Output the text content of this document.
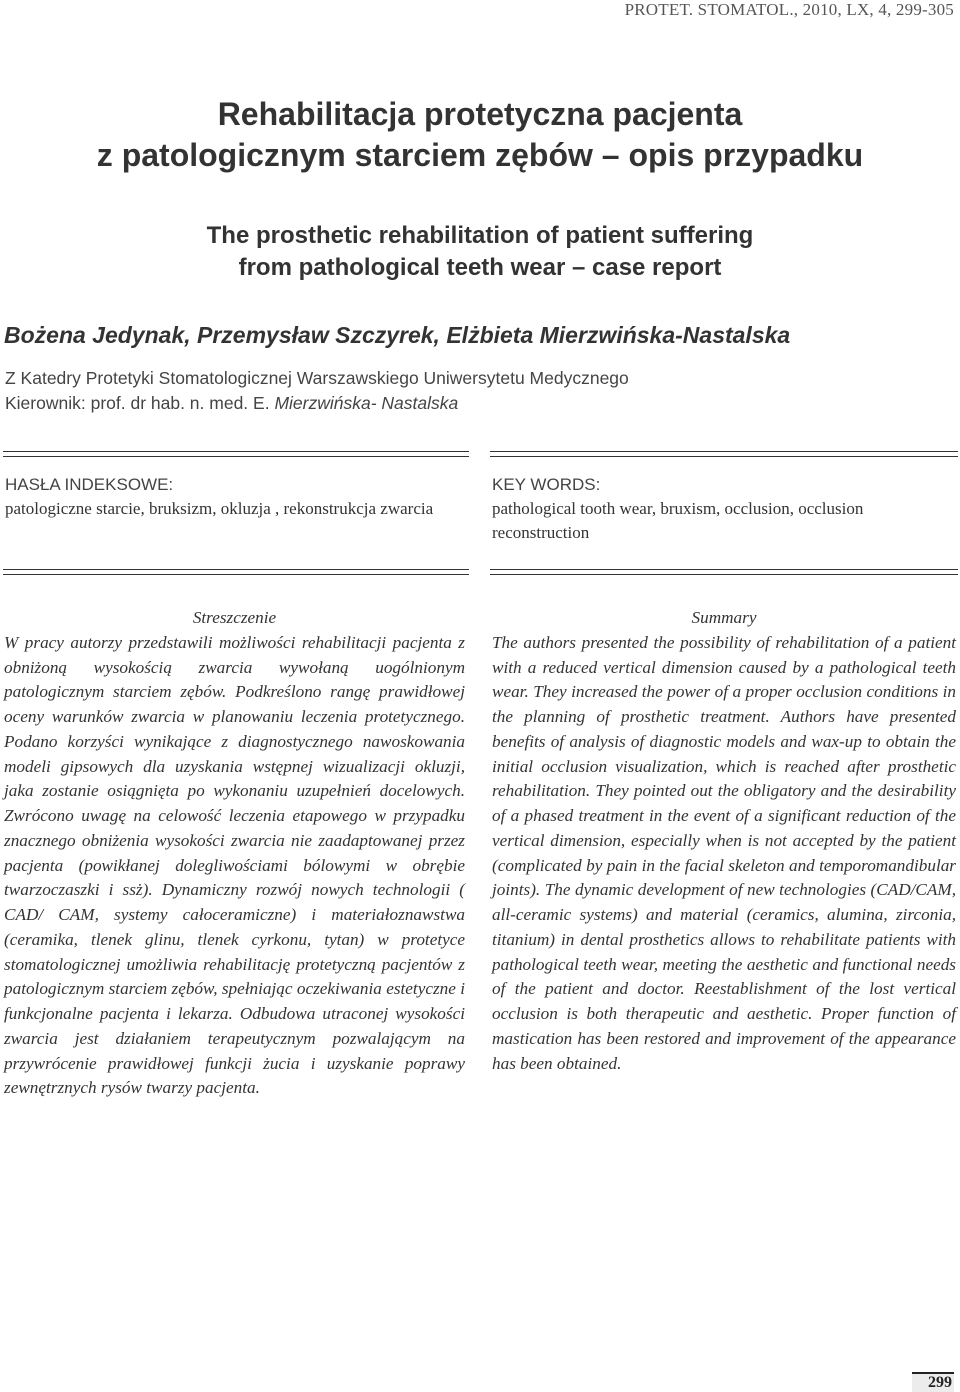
PROTET. STOMATOL., 2010, LX, 4, 299-305
Rehabilitacja protetyczna pacjenta
z patologicznym starciem zębów – opis przypadku
The prosthetic rehabilitation of patient suffering
from pathological teeth wear – case report
Bożena Jedynak, Przemysław Szczyrek, Elżbieta Mierzwińska-Nastalska
Z Katedry Protetyki Stomatologicznej Warszawskiego Uniwersytetu Medycznego
Kierownik: prof. dr hab. n. med. E. Mierzwińska- Nastalska
HASŁA INDEKSOWE:
patologiczne starcie, bruksizm, okluzja , rekonstrukcja zwarcia
KEY WORDS:
pathological tooth wear, bruxism, occlusion, occlusion reconstruction
Streszczenie
W pracy autorzy przedstawili możliwości rehabilitacji pacjenta z obniżoną wysokością zwarcia wywołaną uogólnionym patologicznym starciem zębów. Podkreślono rangę prawidłowej oceny warunków zwarcia w planowaniu leczenia protetycznego. Podano korzyści wynikające z diagnostycznego nawoskowania modeli gipsowych dla uzyskania wstępnej wizualizacji okluzji, jaka zostanie osiągnięta po wykonaniu uzupełnień docelowych. Zwrócono uwagę na celowość leczenia etapowego w przypadku znacznego obniżenia wysokości zwarcia nie zaadaptowanej przez pacjenta (powikłanej dolegliwościami bólowymi w obrębie twarzoczaszki i ssż). Dynamiczny rozwój nowych technologii ( CAD/ CAM, systemy całoceramiczne) i materiałoznawstwa (ceramika, tlenek glinu, tlenek cyrkonu, tytan) w protetyce stomatologicznej umożliwia rehabilitację protetyczną pacjentów z patologicznym starciem zębów, spełniając oczekiwania estetyczne i funkcjonalne pacjenta i lekarza. Odbudowa utraconej wysokości zwarcia jest działaniem terapeutycznym pozwalającym na przywrócenie prawidłowej funkcji żucia i uzyskanie poprawy zewnętrznych rysów twarzy pacjenta.
Summary
The authors presented the possibility of rehabilitation of a patient with a reduced vertical dimension caused by a pathological teeth wear. They increased the power of a proper occlusion conditions in the planning of prosthetic treatment. Authors have presented benefits of analysis of diagnostic models and wax-up to obtain the initial occlusion visualization, which is reached after prosthetic rehabilitation. They pointed out the obligatory and the desirability of a phased treatment in the event of a significant reduction of the vertical dimension, especially when is not accepted by the patient (complicated by pain in the facial skeleton and temporomandibular joints). The dynamic development of new technologies (CAD/CAM, all-ceramic systems) and material (ceramics, alumina, zirconia, titanium) in dental prosthetics allows to rehabilitate patients with pathological teeth wear, meeting the aesthetic and functional needs of the patient and doctor. Reestablishment of the lost vertical occlusion is both therapeutic and aesthetic. Proper function of mastication has been restored and improvement of the appearance has been obtained.
299
